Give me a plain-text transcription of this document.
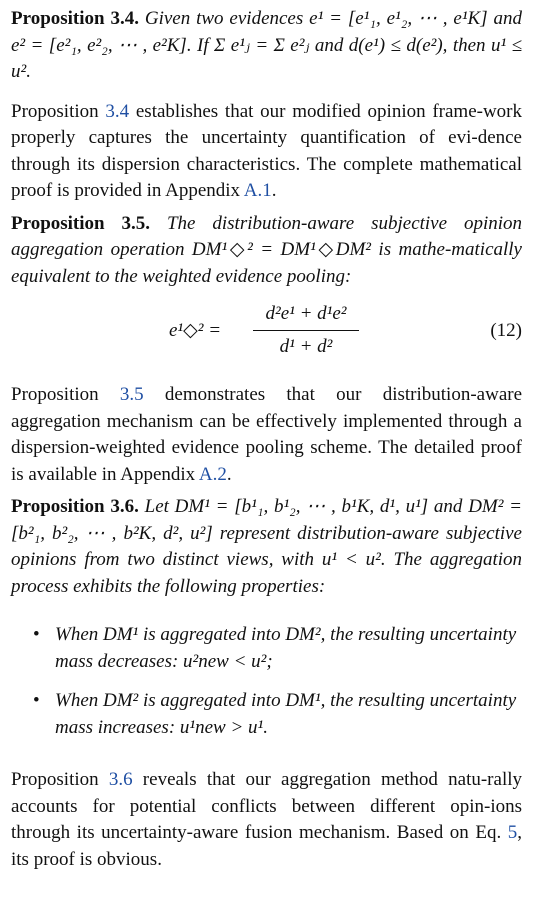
Proposition 3.4. Given two evidences e¹ = [e¹₁, e¹₂, ⋯ , e¹K] and e² = [e²₁, e²₂, ⋯ , e²K]. If Σ e¹ⱼ = Σ e²ⱼ and d(e¹) ≤ d(e²), then u¹ ≤ u².

Proposition 3.4 establishes that our modified opinion frame-work properly captures the uncertainty quantification of evi-dence through its dispersion characteristics. The complete mathematical proof is provided in Appendix A.1.

Proposition 3.5. The distribution-aware subjective opinion aggregation operation DM¹◇² = DM¹◇DM² is mathe-matically equivalent to the weighted evidence pooling:

e¹◇² =
d²e¹ + d¹e²
d¹ + d²
(12)

Proposition 3.5 demonstrates that our distribution-aware aggregation mechanism can be effectively implemented through a dispersion-weighted evidence pooling scheme. The detailed proof is available in Appendix A.2.

Proposition 3.6. Let DM¹ = [b¹₁, b¹₂, ⋯ , b¹K, d¹, u¹] and DM² = [b²₁, b²₂, ⋯ , b²K, d², u²] represent distribution-aware subjective opinions from two distinct views, with u¹ < u². The aggregation process exhibits the following properties:

• When DM¹ is aggregated into DM², the resulting uncertainty mass decreases: u²new < u²;
• When DM² is aggregated into DM¹, the resulting uncertainty mass increases: u¹new > u¹.

Proposition 3.6 reveals that our aggregation method natu-rally accounts for potential conflicts between different opin-ions through its uncertainty-aware fusion mechanism. Based on Eq. 5, its proof is obvious.
